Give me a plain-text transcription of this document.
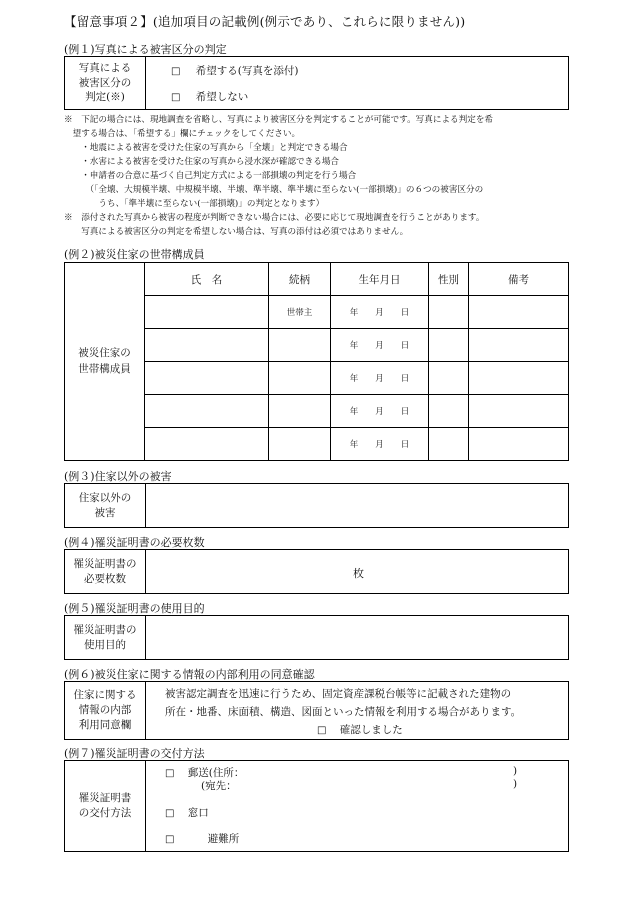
【留意事項２】(追加項目の記載例(例示であり、これらに限りません))
(例１)写真による被害区分の判定
写真による
被害区分の
判定(※)
□ 希望する(写真を添付)
□ 希望しない
※　下記の場合には、現地調査を省略し、写真により被害区分を判定することが可能です。写真による判定を希
　望する場合は、「希望する」欄にチェックをしてください。
　　・地震による被害を受けた住家の写真から「全壊」と判定できる場合
　　・水害による被害を受けた住家の写真から浸水深が確認できる場合
　　・申請者の合意に基づく自己判定方式による一部損壊の判定を行う場合
　　　（「全壊、大規模半壊、中規模半壊、半壊、準半壊、準半壊に至らない(一部損壊)」の６つの被害区分の
　　　　うち、「準半壊に至らない(一部損壊)」の判定となります）
※　添付された写真から被害の程度が判断できない場合には、必要に応じて現地調査を行うことがあります。
　　写真による被害区分の判定を希望しない場合は、写真の添付は必須ではありません。
(例２)被災住家の世帯構成員
被災住家の
世帯構成員	氏　名	続柄	生年月日	性別	備考
		世帯主	年　　月　　日		
			年　　月　　日		
			年　　月　　日		
			年　　月　　日		
			年　　月　　日		
(例３)住家以外の被害
住家以外の
被害
(例４)罹災証明書の必要枚数
罹災証明書の
必要枚数	枚
(例５)罹災証明書の使用目的
罹災証明書の
使用目的
(例６)被災住家に関する情報の内部利用の同意確認
住家に関する
情報の内部
利用同意欄
被害認定調査を迅速に行うため、固定資産課税台帳等に記載された建物の
所在・地番、床面積、構造、図面といった情報を利用する場合があります。
□ 確認しました
(例７)罹災証明書の交付方法
罹災証明書
の交付方法
□ 郵送(住所：	)
(宛先：	)
□ 窓口
□	避難所
